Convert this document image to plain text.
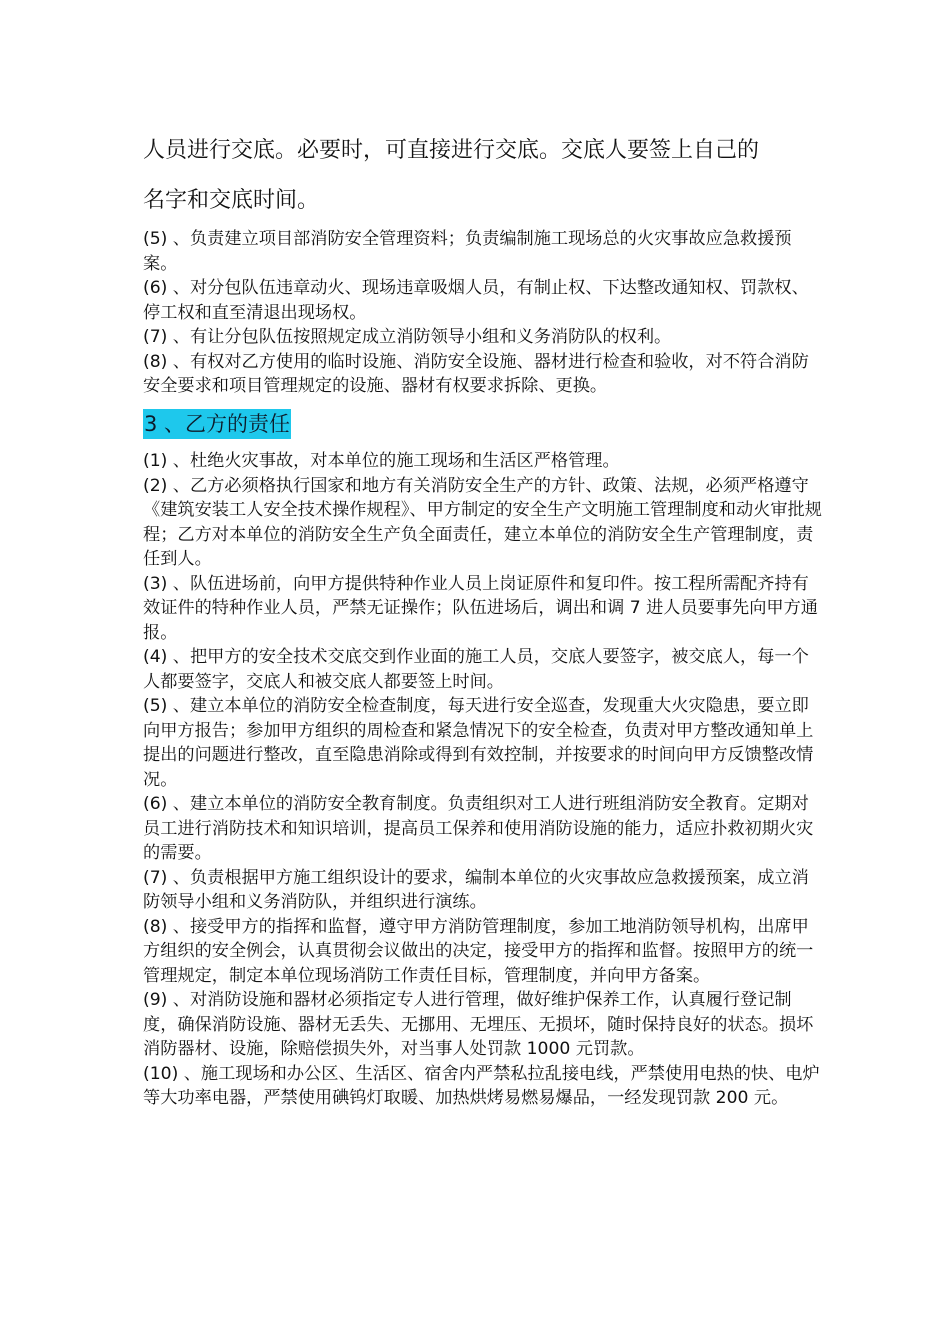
人员进行交底。必要时，可直接进行交底。交底人要签上自己的

名字和交底时间。

(5) 、负责建立项目部消防安全管理资料；负责编制施工现场总的火灾事故应急救援预案。

(6) 、对分包队伍违章动火、现场违章吸烟人员，有制止权、下达整改通知权、罚款权、停工权和直至清退出现场权。

(7) 、有让分包队伍按照规定成立消防领导小组和义务消防队的权利。

(8) 、有权对乙方使用的临时设施、消防安全设施、器材进行检查和验收，对不符合消防安全要求和项目管理规定的设施、器材有权要求拆除、更换。

3 、乙方的责任

(1) 、杜绝火灾事故，对本单位的施工现场和生活区严格管理。

(2) 、乙方必须格执行国家和地方有关消防安全生产的方针、政策、法规，必须严格遵守《建筑安装工人安全技术操作规程》、甲方制定的安全生产文明施工管理制度和动火审批规程；乙方对本单位的消防安全生产负全面责任，建立本单位的消防安全生产管理制度，责任到人。

(3) 、队伍进场前，向甲方提供特种作业人员上岗证原件和复印件。按工程所需配齐持有效证件的特种作业人员，严禁无证操作；队伍进场后，调出和调 7 进人员要事先向甲方通报。

(4) 、把甲方的安全技术交底交到作业面的施工人员，交底人要签字，被交底人，每一个人都要签字，交底人和被交底人都要签上时间。

(5) 、建立本单位的消防安全检查制度，每天进行安全巡查，发现重大火灾隐患，要立即向甲方报告；参加甲方组织的周检查和紧急情况下的安全检查，负责对甲方整改通知单上提出的问题进行整改，直至隐患消除或得到有效控制，并按要求的时间向甲方反馈整改情况。

(6) 、建立本单位的消防安全教育制度。负责组织对工人进行班组消防安全教育。定期对员工进行消防技术和知识培训，提高员工保养和使用消防设施的能力，适应扑救初期火灾的需要。

(7) 、负责根据甲方施工组织设计的要求，编制本单位的火灾事故应急救援预案，成立消防领导小组和义务消防队，并组织进行演练。

(8) 、接受甲方的指挥和监督，遵守甲方消防管理制度，参加工地消防领导机构，出席甲方组织的安全例会，认真贯彻会议做出的决定，接受甲方的指挥和监督。按照甲方的统一管理规定，制定本单位现场消防工作责任目标，管理制度，并向甲方备案。

(9) 、对消防设施和器材必须指定专人进行管理，做好维护保养工作，认真履行登记制度，确保消防设施、器材无丢失、无挪用、无埋压、无损坏，随时保持良好的状态。损坏消防器材、设施，除赔偿损失外，对当事人处罚款 1000 元罚款。

(10) 、施工现场和办公区、生活区、宿舍内严禁私拉乱接电线，严禁使用电热的快、电炉等大功率电器，严禁使用碘钨灯取暖、加热烘烤易燃易爆品，一经发现罚款 200 元。
